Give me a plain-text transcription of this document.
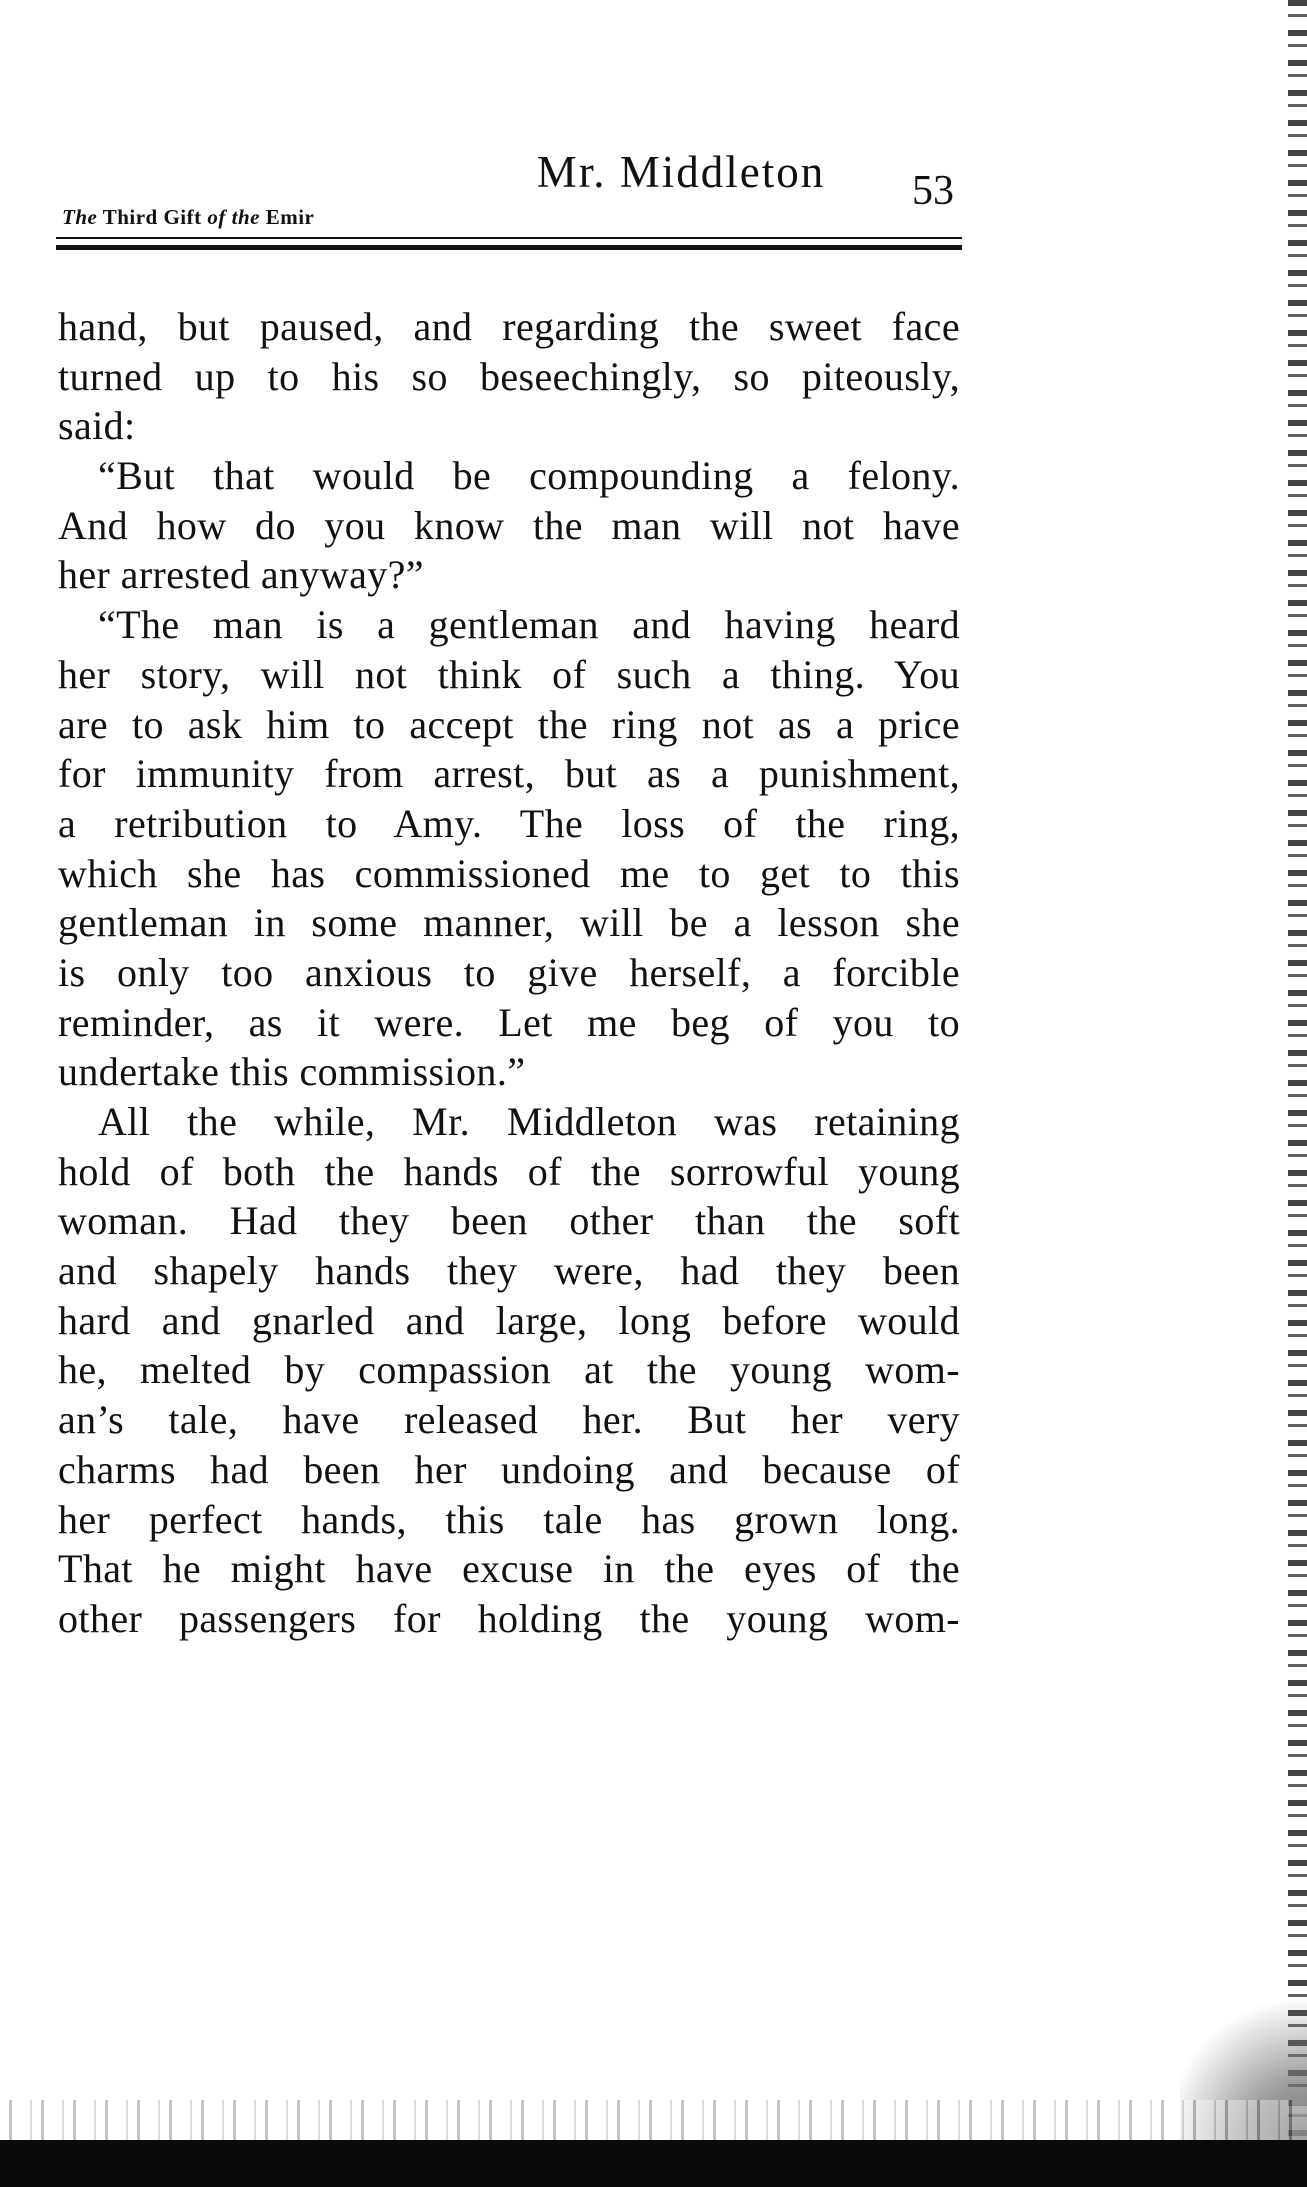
Mr. Middleton	53
The Third Gift of the Emir
hand, but paused, and regarding the sweet face
turned up to his so beseechingly, so piteously,
said:
“But that would be compounding a felony.
And how do you know the man will not have
her arrested anyway?”
“The man is a gentleman and having heard
her story, will not think of such a thing. You
are to ask him to accept the ring not as a price
for immunity from arrest, but as a punishment,
a retribution to Amy. The loss of the ring,
which she has commissioned me to get to this
gentleman in some manner, will be a lesson she
is only too anxious to give herself, a forcible
reminder, as it were. Let me beg of you to
undertake this commission.”
All the while, Mr. Middleton was retaining
hold of both the hands of the sorrowful young
woman. Had they been other than the soft
and shapely hands they were, had they been
hard and gnarled and large, long before would
he, melted by compassion at the young wom-
an’s tale, have released her. But her very
charms had been her undoing and because of
her perfect hands, this tale has grown long.
That he might have excuse in the eyes of the
other passengers for holding the young wom-
